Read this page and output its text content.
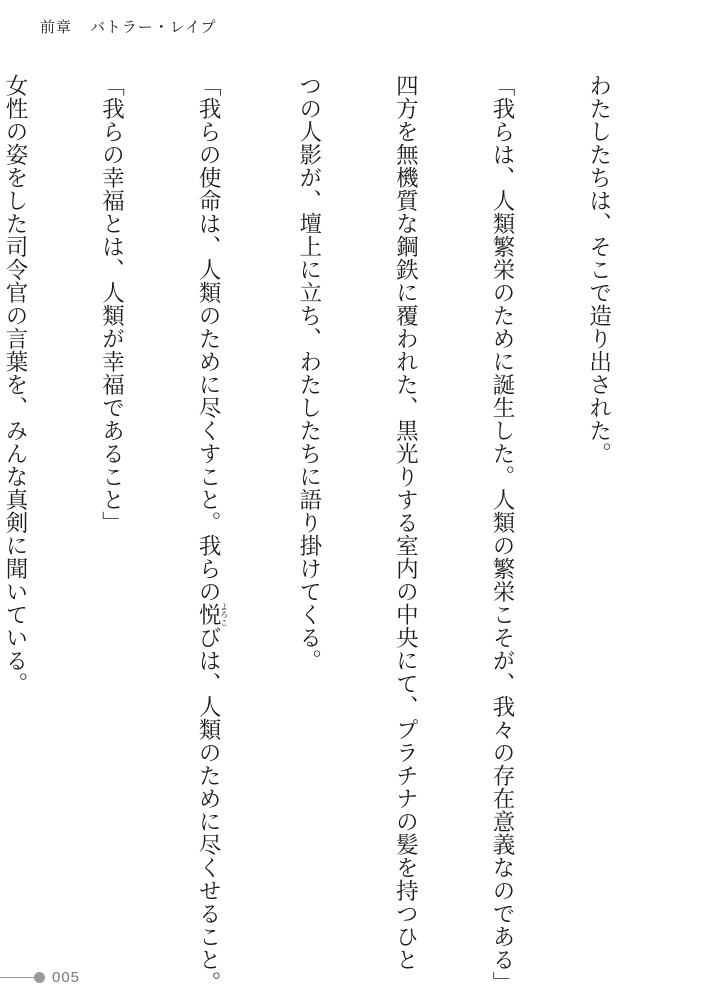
前章 バトラー・レイプ

わたしたちは、そこで造り出された。

「我らは、人類繁栄のために誕生した。人類の繁栄こそが、我々の存在意義なのである」

四方を無機質な鋼鉄に覆われた、黒光りする室内の中央にて、プラチナの髪を持つひと

つの人影が、壇上に立ち、わたしたちに語り掛けてくる。

「我らの使命は、人類のために尽くすこと。我らの悦よろこびは、人類のために尽くせること。

「我らの幸福とは、人類が幸福であること」

女性の姿をした司令官の言葉を、みんな真剣に聞いている。

005
